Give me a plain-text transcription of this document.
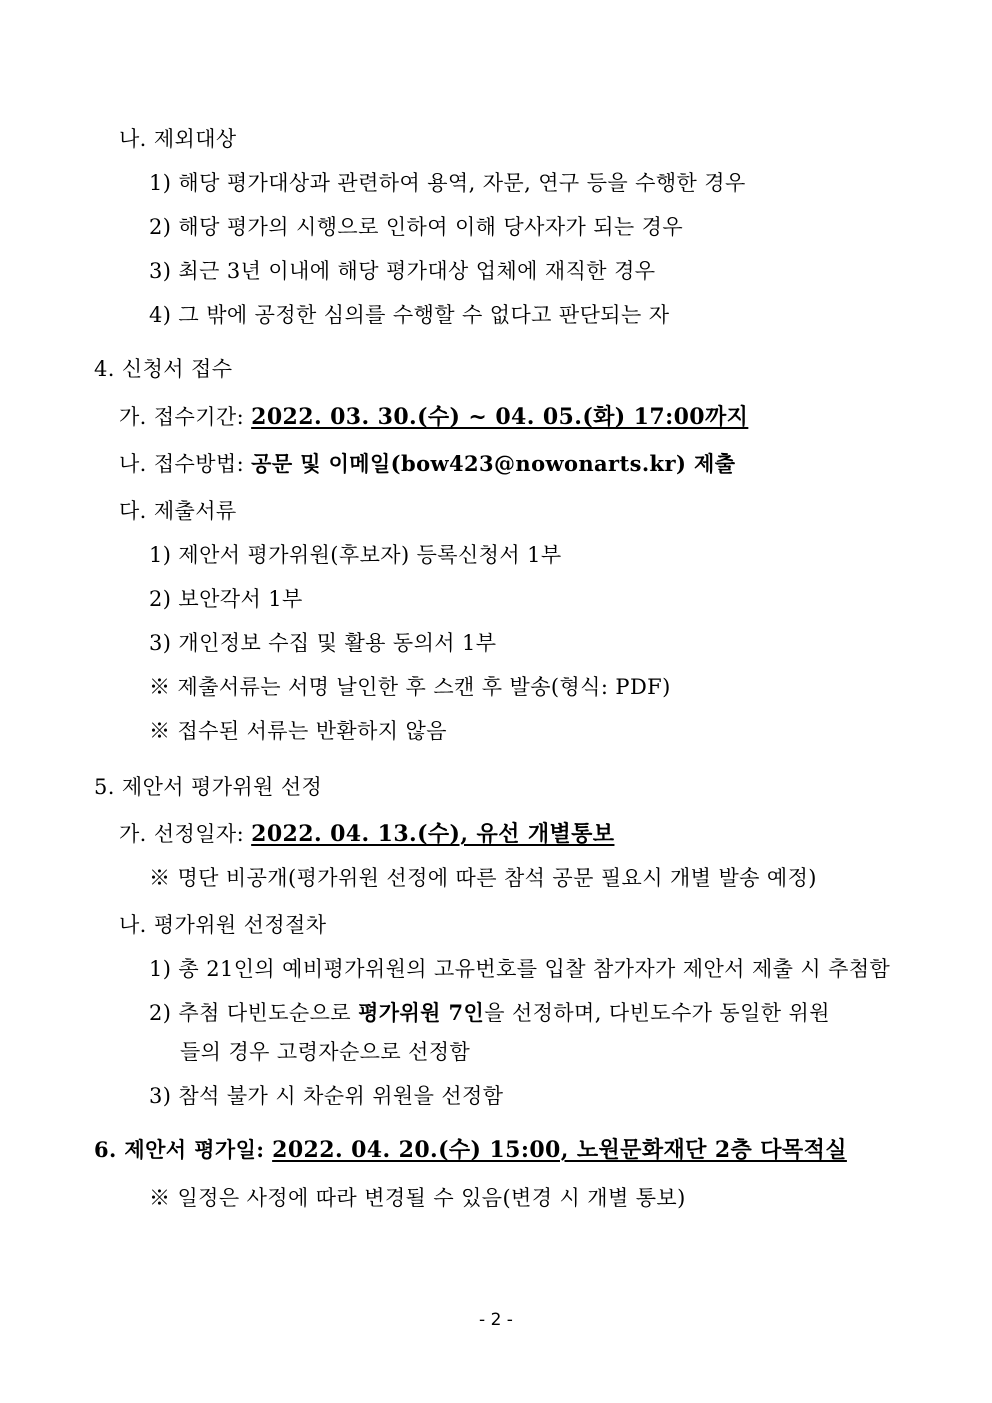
나. 제외대상
1) 해당 평가대상과 관련하여 용역, 자문, 연구 등을 수행한 경우
2) 해당 평가의 시행으로 인하여 이해 당사자가 되는 경우
3) 최근 3년 이내에 해당 평가대상 업체에 재직한 경우
4) 그 밖에 공정한 심의를 수행할 수 없다고 판단되는 자
4. 신청서 접수
가. 접수기간: 2022. 03. 30.(수) ~ 04. 05.(화) 17:00까지
나. 접수방법: 공문 및 이메일(bow423@nowonarts.kr) 제출
다. 제출서류
1) 제안서 평가위원(후보자) 등록신청서 1부
2) 보안각서 1부
3) 개인정보 수집 및 활용 동의서 1부
※ 제출서류는 서명 날인한 후 스캔 후 발송(형식: PDF)
※ 접수된 서류는 반환하지 않음
5. 제안서 평가위원 선정
가. 선정일자: 2022. 04. 13.(수), 유선 개별통보
※ 명단 비공개(평가위원 선정에 따른 참석 공문 필요시 개별 발송 예정)
나. 평가위원 선정절차
1) 총 21인의 예비평가위원의 고유번호를 입찰 참가자가 제안서 제출 시 추첨함
2) 추첨 다빈도순으로 평가위원 7인을 선정하며, 다빈도수가 동일한 위원
들의 경우 고령자순으로 선정함
3) 참석 불가 시 차순위 위원을 선정함
6. 제안서 평가일: 2022. 04. 20.(수) 15:00, 노원문화재단 2층 다목적실
※ 일정은 사정에 따라 변경될 수 있음(변경 시 개별 통보)
- 2 -
